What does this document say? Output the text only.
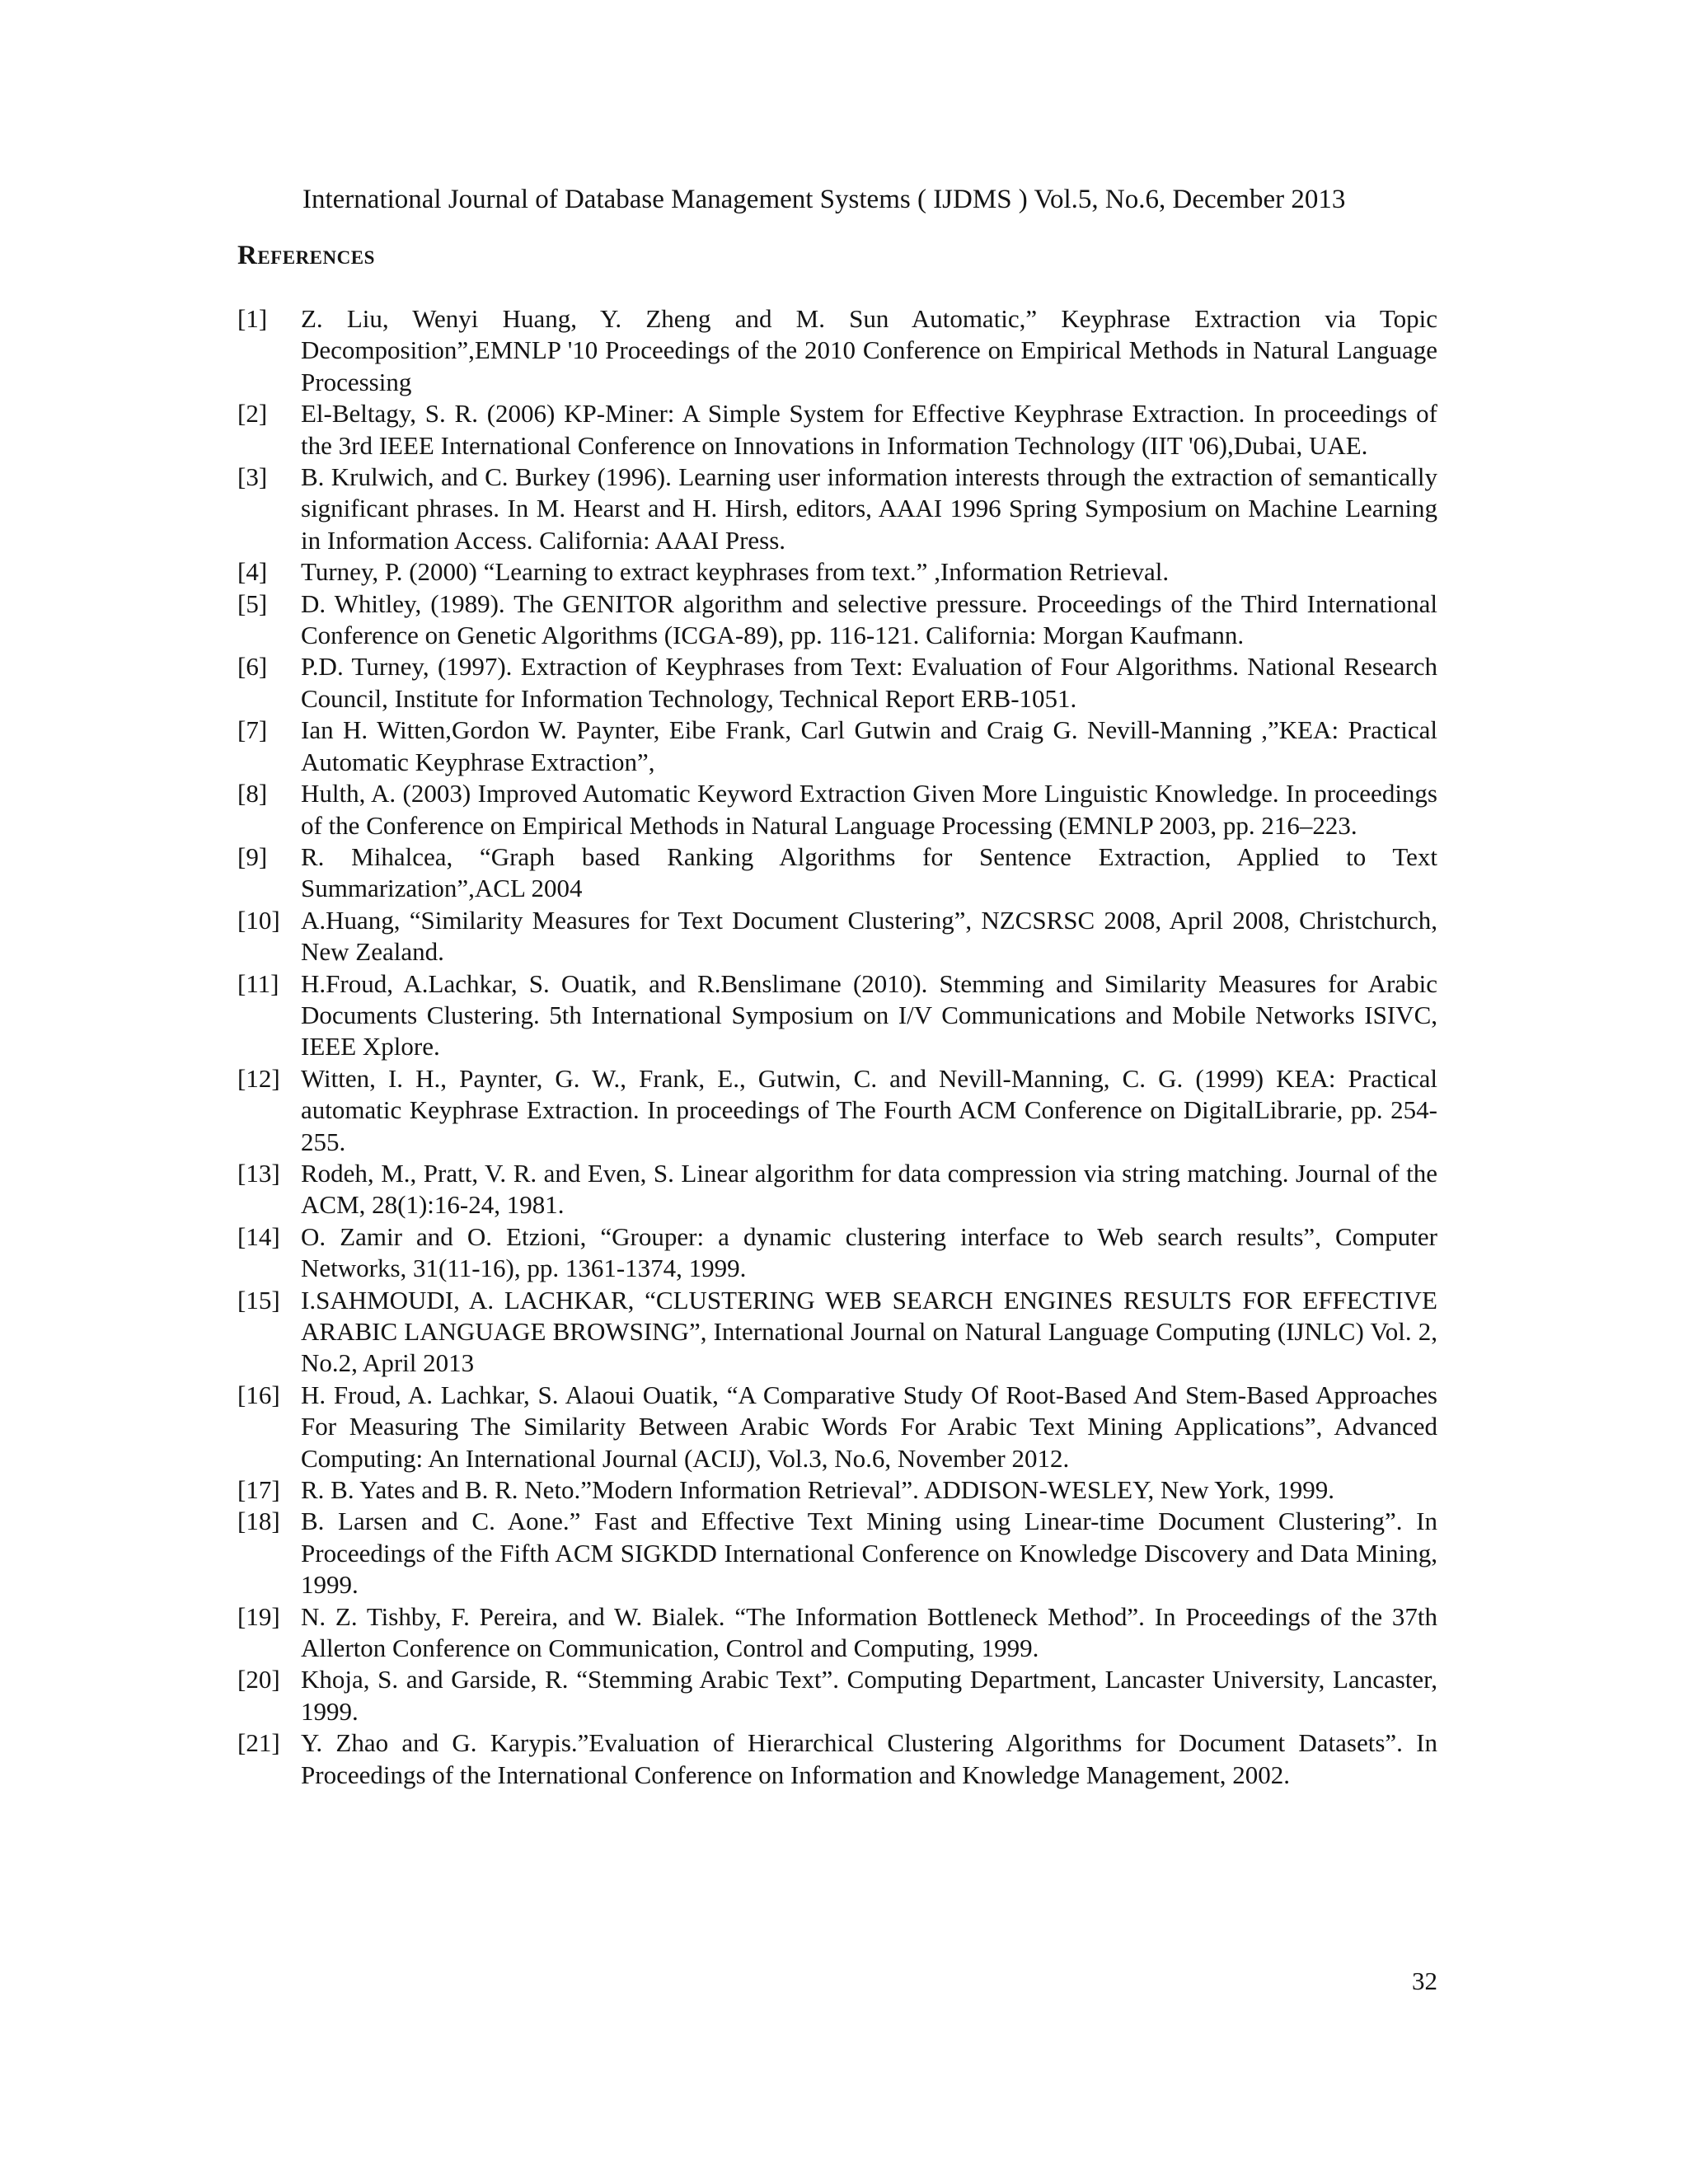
International Journal of Database Management Systems ( IJDMS ) Vol.5, No.6, December 2013
References
[1] Z. Liu, Wenyi Huang, Y. Zheng and M. Sun Automatic,” Keyphrase Extraction via Topic Decomposition”,EMNLP '10 Proceedings of the 2010 Conference on Empirical Methods in Natural Language Processing
[2] El-Beltagy, S. R. (2006) KP-Miner: A Simple System for Effective Keyphrase Extraction. In proceedings of the 3rd IEEE International Conference on Innovations in Information Technology (IIT '06),Dubai, UAE.
[3] B. Krulwich, and C. Burkey (1996). Learning user information interests through the extraction of semantically significant phrases. In M. Hearst and H. Hirsh, editors, AAAI 1996 Spring Symposium on Machine Learning in Information Access. California: AAAI Press.
[4] Turney, P. (2000) “Learning to extract keyphrases from text.” ,Information Retrieval.
[5] D. Whitley, (1989). The GENITOR algorithm and selective pressure. Proceedings of the Third International Conference on Genetic Algorithms (ICGA-89), pp. 116-121. California: Morgan Kaufmann.
[6] P.D. Turney, (1997). Extraction of Keyphrases from Text: Evaluation of Four Algorithms. National Research Council, Institute for Information Technology, Technical Report ERB-1051.
[7] Ian H. Witten,Gordon W. Paynter, Eibe Frank, Carl Gutwin and Craig G. Nevill-Manning ,”KEA: Practical Automatic Keyphrase Extraction”,
[8] Hulth, A. (2003) Improved Automatic Keyword Extraction Given More Linguistic Knowledge. In proceedings of the Conference on Empirical Methods in Natural Language Processing (EMNLP 2003, pp. 216–223.
[9] R. Mihalcea, “Graph based Ranking Algorithms for Sentence Extraction, Applied to Text Summarization”,ACL 2004
[10] A.Huang, “Similarity Measures for Text Document Clustering”, NZCSRSC 2008, April 2008, Christchurch, New Zealand.
[11] H.Froud, A.Lachkar, S. Ouatik, and R.Benslimane (2010). Stemming and Similarity Measures for Arabic Documents Clustering. 5th International Symposium on I/V Communications and Mobile Networks ISIVC, IEEE Xplore.
[12] Witten, I. H., Paynter, G. W., Frank, E., Gutwin, C. and Nevill-Manning, C. G. (1999) KEA: Practical automatic Keyphrase Extraction. In proceedings of The Fourth ACM Conference on DigitalLibrarie, pp. 254-255.
[13] Rodeh, M., Pratt, V. R. and Even, S. Linear algorithm for data compression via string matching. Journal of the ACM, 28(1):16-24, 1981.
[14] O. Zamir and O. Etzioni, “Grouper: a dynamic clustering interface to Web search results”, Computer Networks, 31(11-16), pp. 1361-1374, 1999.
[15] I.SAHMOUDI, A. LACHKAR, “CLUSTERING WEB SEARCH ENGINES RESULTS FOR EFFECTIVE ARABIC LANGUAGE BROWSING”, International Journal on Natural Language Computing (IJNLC) Vol. 2, No.2, April 2013
[16] H. Froud, A. Lachkar, S. Alaoui Ouatik, “A Comparative Study Of Root-Based And Stem-Based Approaches For Measuring The Similarity Between Arabic Words For Arabic Text Mining Applications”, Advanced Computing: An International Journal (ACIJ), Vol.3, No.6, November 2012.
[17] R. B. Yates and B. R. Neto.”Modern Information Retrieval”. ADDISON-WESLEY, New York, 1999.
[18] B. Larsen and C. Aone.” Fast and Effective Text Mining using Linear-time Document Clustering”. In Proceedings of the Fifth ACM SIGKDD International Conference on Knowledge Discovery and Data Mining, 1999.
[19] N. Z. Tishby, F. Pereira, and W. Bialek. “The Information Bottleneck Method”. In Proceedings of the 37th Allerton Conference on Communication, Control and Computing, 1999.
[20] Khoja, S. and Garside, R. “Stemming Arabic Text”. Computing Department, Lancaster University, Lancaster, 1999.
[21] Y. Zhao and G. Karypis.”Evaluation of Hierarchical Clustering Algorithms for Document Datasets”. In Proceedings of the International Conference on Information and Knowledge Management, 2002.
32
